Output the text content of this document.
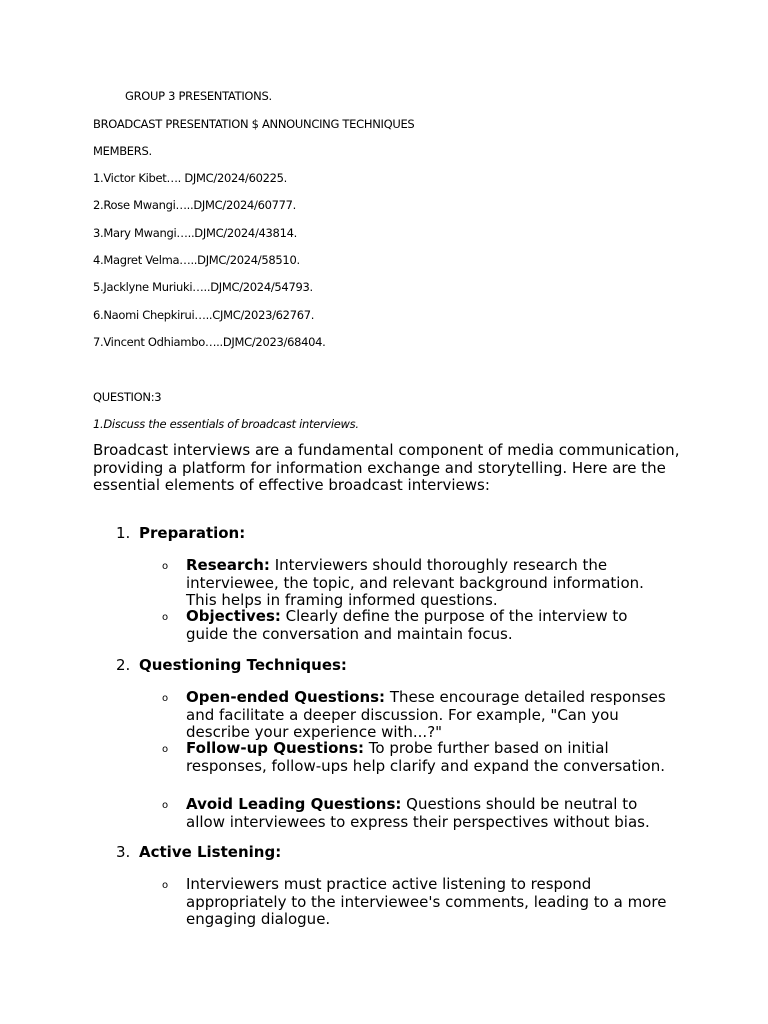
GROUP 3 PRESENTATIONS.
BROADCAST PRESENTATION $ ANNOUNCING TECHNIQUES
MEMBERS.
1.Victor Kibet…. DJMC/2024/60225.
2.Rose Mwangi…..DJMC/2024/60777.
3.Mary Mwangi…..DJMC/2024/43814.
4.Magret Velma…..DJMC/2024/58510.
5.Jacklyne Muriuki…..DJMC/2024/54793.
6.Naomi Chepkirui…..CJMC/2023/62767.
7.Vincent Odhiambo…..DJMC/2023/68404.
QUESTION:3
1.Discuss the essentials of broadcast interviews.
Broadcast interviews are a fundamental component of media communication, providing a platform for information exchange and storytelling. Here are the essential elements of effective broadcast interviews:
1. Preparation:
o Research: Interviewers should thoroughly research the interviewee, the topic, and relevant background information. This helps in framing informed questions.
o Objectives: Clearly define the purpose of the interview to guide the conversation and maintain focus.
2. Questioning Techniques:
o Open-ended Questions: These encourage detailed responses and facilitate a deeper discussion. For example, "Can you describe your experience with...?"
o Follow-up Questions: To probe further based on initial responses, follow-ups help clarify and expand the conversation.
o Avoid Leading Questions: Questions should be neutral to allow interviewees to express their perspectives without bias.
3. Active Listening:
o Interviewers must practice active listening to respond appropriately to the interviewee's comments, leading to a more engaging dialogue.
